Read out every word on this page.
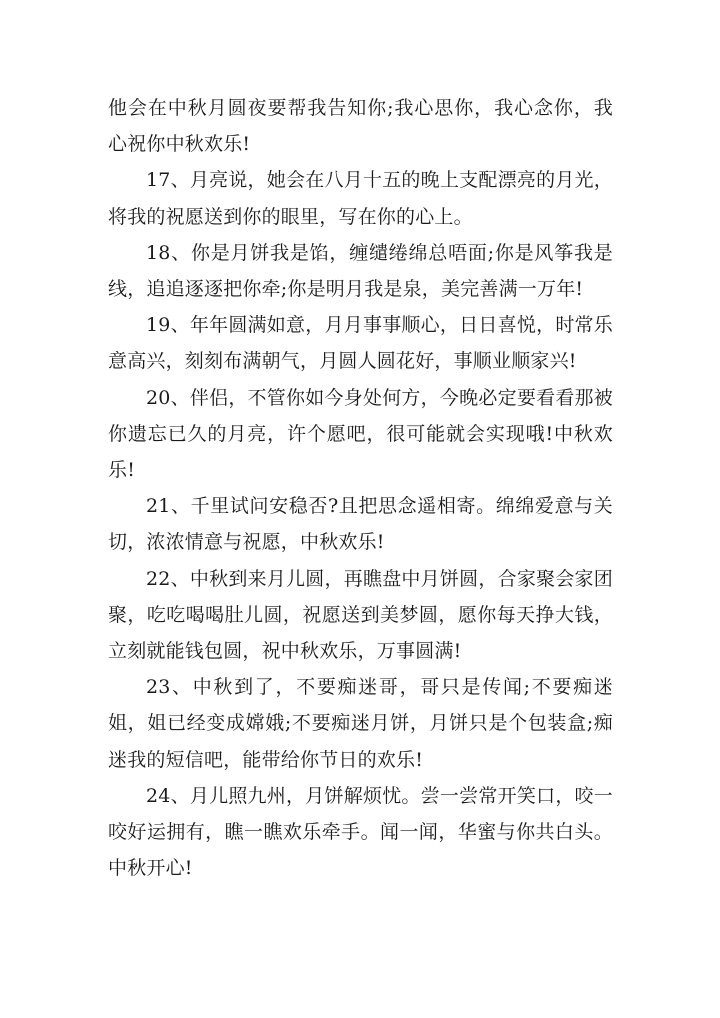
他会在中秋月圆夜要帮我告知你;我心思你，我心念你，我心祝你中秋欢乐!

17、月亮说，她会在八月十五的晚上支配漂亮的月光，将我的祝愿送到你的眼里，写在你的心上。

18、你是月饼我是馅，缠缱绻绵总唔面;你是风筝我是线，追追逐逐把你牵;你是明月我是泉，美完善满一万年!

19、年年圆满如意，月月事事顺心，日日喜悦，时常乐意高兴，刻刻布满朝气，月圆人圆花好，事顺业顺家兴!

20、伴侣，不管你如今身处何方，今晚必定要看看那被你遗忘已久的月亮，许个愿吧，很可能就会实现哦!中秋欢乐!

21、千里试问安稳否?且把思念遥相寄。绵绵爱意与关切，浓浓情意与祝愿，中秋欢乐!

22、中秋到来月儿圆，再瞧盘中月饼圆，合家聚会家团聚，吃吃喝喝肚儿圆，祝愿送到美梦圆，愿你每天挣大钱，立刻就能钱包圆，祝中秋欢乐，万事圆满!

23、中秋到了，不要痴迷哥，哥只是传闻;不要痴迷姐，姐已经变成嫦娥;不要痴迷月饼，月饼只是个包装盒;痴迷我的短信吧，能带给你节日的欢乐!

24、月儿照九州，月饼解烦忧。尝一尝常开笑口，咬一咬好运拥有，瞧一瞧欢乐牵手。闻一闻，华蜜与你共白头。中秋开心!
